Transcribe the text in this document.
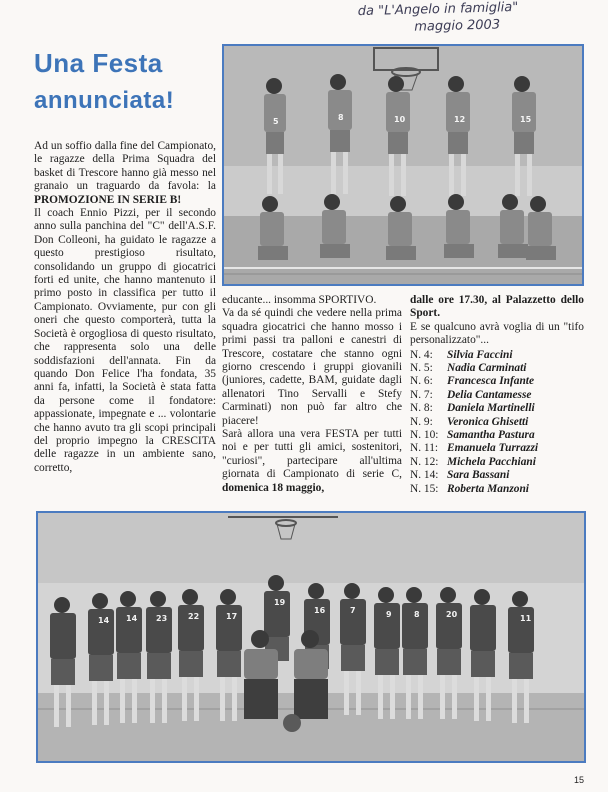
da "L'Angelo in famiglia"
maggio 2003
Una Festa
annunciata!

Ad un soffio dalla fine del Campionato, le ragazze della Prima Squadra del basket di Trescore hanno già messo nel granaio un traguardo da favola: la PROMOZIONE IN SERIE B!

Il coach Ennio Pizzi, per il secondo anno sulla panchina del "C" dell'A.S.F. Don Colleoni, ha guidato le ragazze a questo prestigioso risultato, consolidando un gruppo di giocatrici forti ed unite, che hanno mantenuto il primo posto in classifica per tutto il Campionato. Ovviamente, pur con gli oneri che questo comporterà, tutta la Società è orgogliosa di questo risultato, che rappresenta solo una delle soddisfazioni dell'annata. Fin da quando Don Felice l'ha fondata, 35 anni fa, infatti, la Società è stata fatta da persone come il fondatore: appassionate, impegnate e ... volontarie che hanno avuto tra gli scopi principali del proprio impegno la CRESCITA delle ragazze in un ambiente sano, corretto,

5	8	10	12	15

educante... insomma SPORTIVO.

Va da sé quindi che vedere nella prima squadra giocatrici che hanno mosso i primi passi tra palloni e canestri di Trescore, costatare che stanno ogni giorno crescendo i gruppi giovanili (juniores, cadette, BAM, guidate dagli allenatori Tino Servalli e Stefy Carminati) non può far altro che piacere!

Sarà allora una vera FESTA per tutti noi e per tutti gli amici, sostenitori, "curiosi", partecipare all'ultima giornata di Campionato di serie C, domenica 18 maggio,

dalle ore 17.30, al Palazzetto dello Sport.

E se qualcuno avrà voglia di un "tifo personalizzato"...

N. 4:	Silvia Faccini
N. 5:	Nadia Carminati
N. 6:	Francesca Infante
N. 7:	Delia Cantamesse
N. 8:	Daniela Martinelli
N. 9:	Veronica Ghisetti
N. 10: Samantha Pastura
N. 11: Emanuela Turrazzi
N. 12: Michela Pacchiani
N. 14: Sara Bassani
N. 15: Roberta Manzoni
14 14 23	22	17
19
16	7	9	8	20	11
15
